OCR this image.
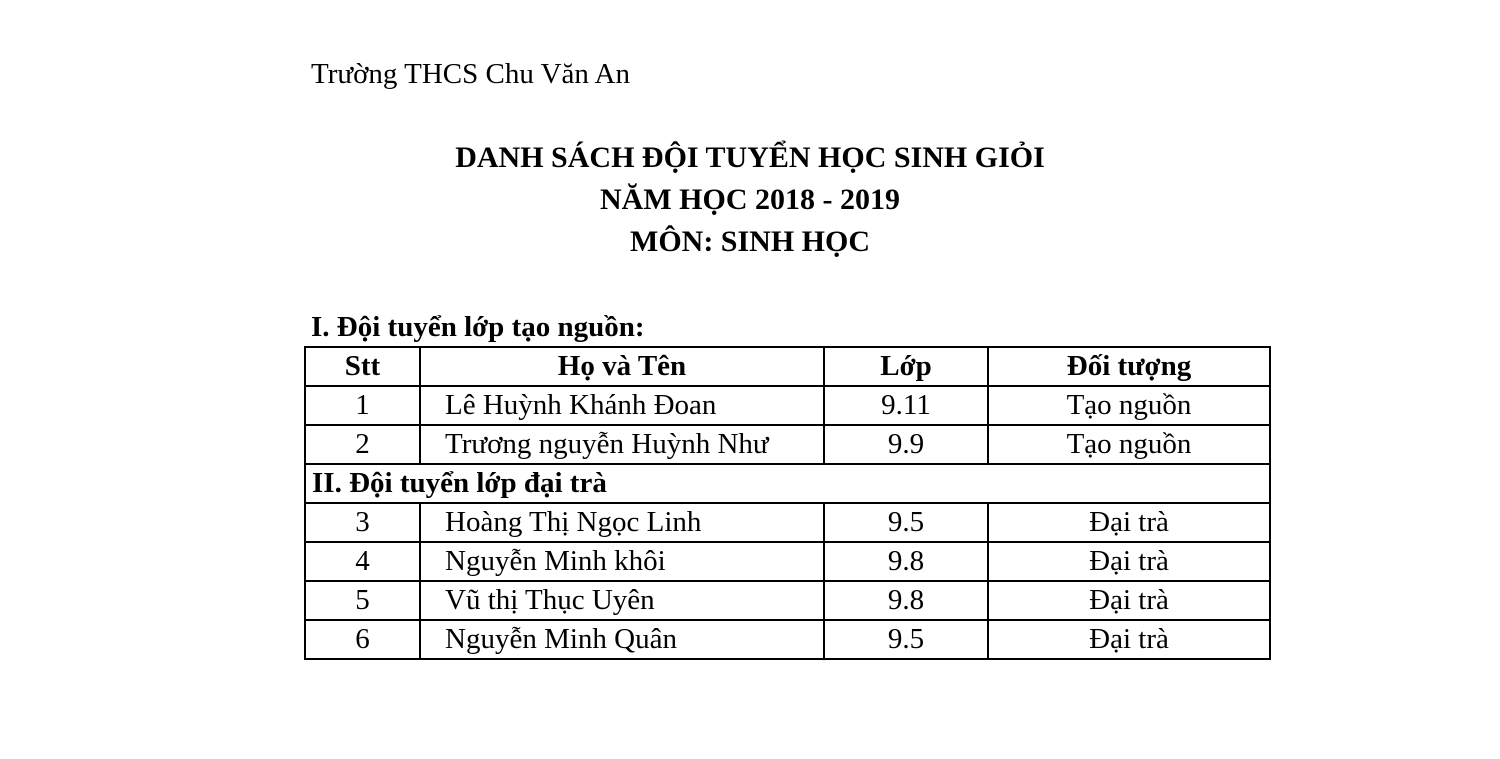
Trường THCS Chu Văn An
DANH SÁCH ĐỘI TUYỂN HỌC SINH GIỎI
NĂM HỌC 2018 - 2019
MÔN: SINH HỌC
I. Đội tuyển lớp tạo nguồn:
Stt	Họ và Tên	Lớp	Đối tượng
1	Lê Huỳnh Khánh Đoan	9.11	Tạo nguồn
2	Trương nguyễn Huỳnh Như	9.9	Tạo nguồn
II. Đội tuyển lớp đại trà			
3	Hoàng Thị Ngọc Linh	9.5	Đại trà
4	Nguyễn Minh khôi	9.8	Đại trà
5	Vũ thị Thục Uyên	9.8	Đại trà
6	Nguyễn Minh Quân	9.5	Đại trà
